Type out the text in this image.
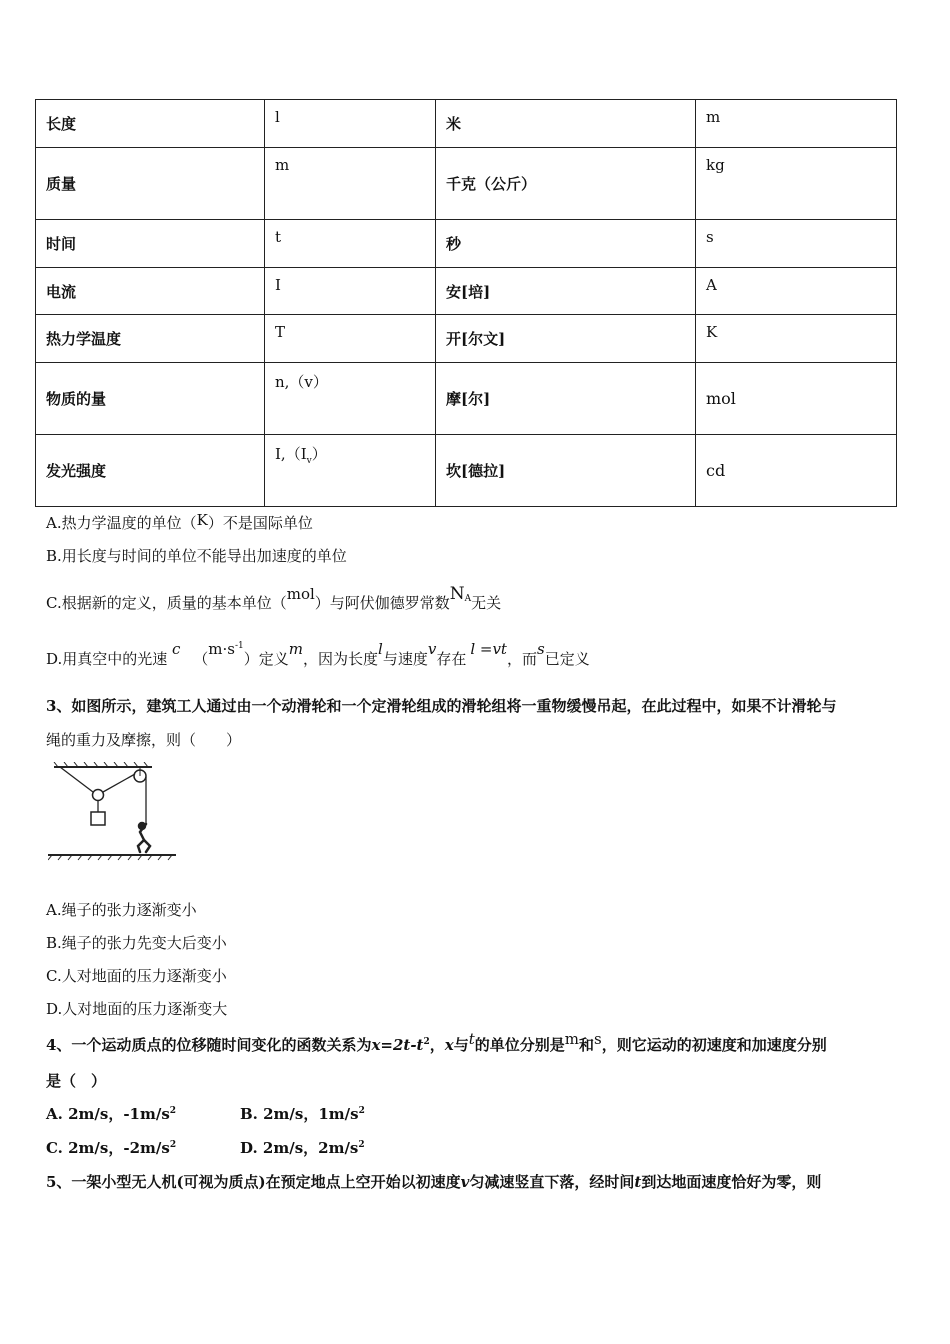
长度	l	米	m
质量	m	千克（公斤）	kg
时间	t	秒	s
电流	I	安[培]	A
热力学温度	T	开[尔文]	K
物质的量	n,（v）	摩[尔]	mol
发光强度	$I,(I_v)$	坎[德拉]	cd
A.热力学温度的单位（K）不是国际单位
B.用长度与时间的单位不能导出加速度的单位
C.根据新的定义，质量的基本单位（mol）与阿伏伽德罗常数$N_A$无关
D.用真空中的光速 c $(m\cdot s^{-1})$定义m，因为长度l与速度v存在l =vt，而s已定义
3、如图所示，建筑工人通过由一个动滑轮和一个定滑轮组成的滑轮组将一重物缓慢吊起，在此过程中，如果不计滑轮与
绳的重力及摩擦，则（　　）
A.绳子的张力逐渐变小
B.绳子的张力先变大后变小
C.人对地面的压力逐渐变小
D.人对地面的压力逐渐变大
4、一个运动质点的位移随时间变化的函数关系为$x=2t-t^2$，x与t的单位分别是m和s，则它运动的初速度和加速度分别
是（　）
A. 2m/s，$-1m/s^2$	B. 2m/s，$1m/s^2$
C. 2m/s，$-2m/s^2$	D. 2m/s，$2m/s^2$
5、一架小型无人机(可视为质点)在预定地点上空开始以初速度v匀减速竖直下落，经时间t到达地面速度恰好为零，则
